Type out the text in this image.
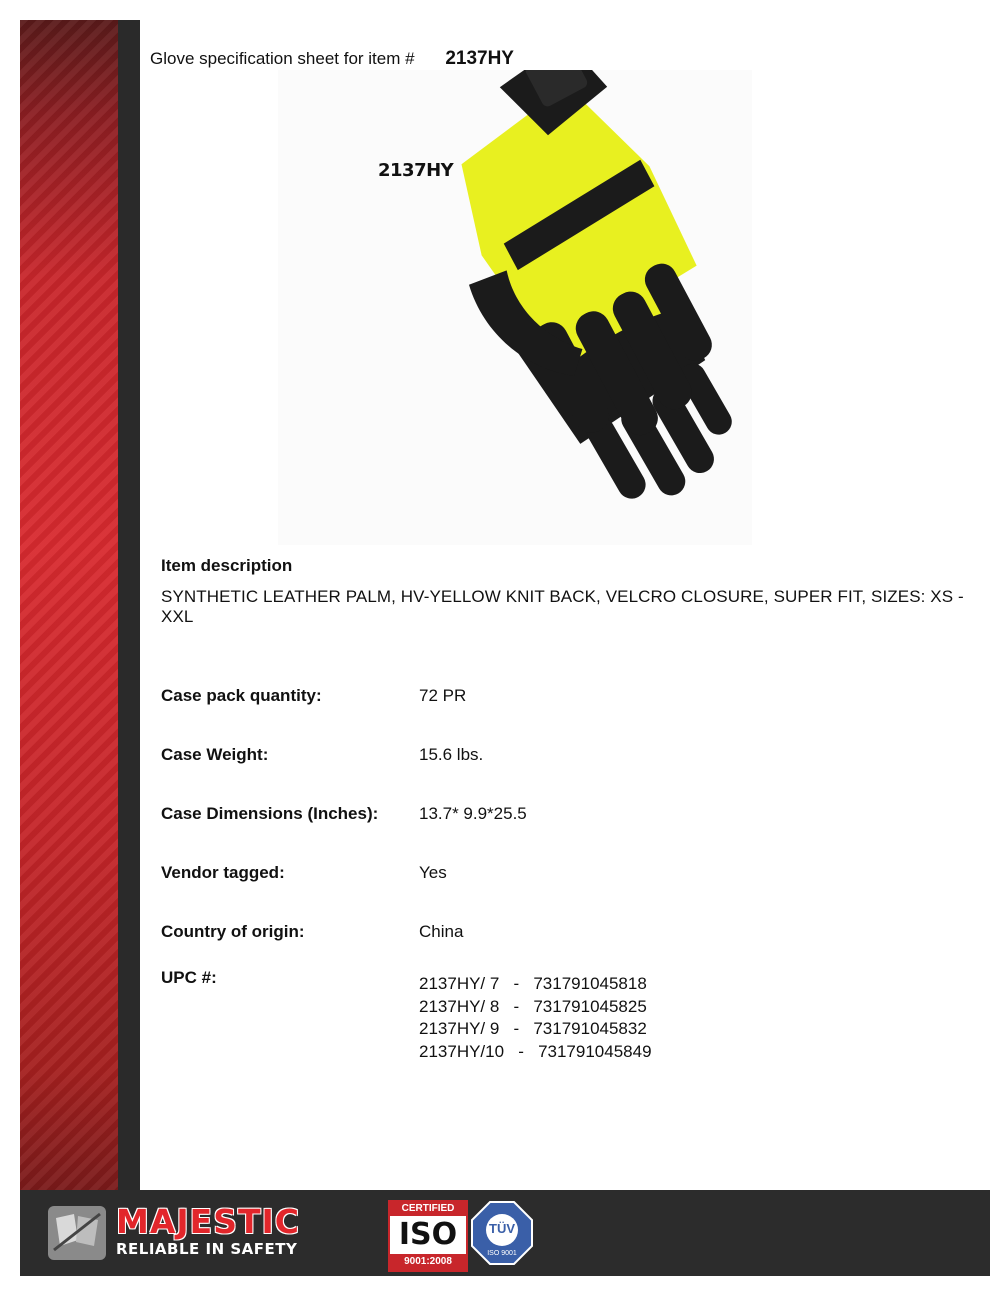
Glove specification sheet for item # 2137HY
2137HY
Item description
SYNTHETIC LEATHER PALM, HV-YELLOW KNIT BACK, VELCRO CLOSURE, SUPER FIT, SIZES: XS - XXL
Case pack quantity:	72 PR
Case Weight:	15.6 lbs.
Case Dimensions (Inches): 13.7* 9.9*25.5
Vendor tagged:	Yes
Country of origin:	China
UPC #:	2137HY/ 7   -   731791045818
2137HY/ 8   -   731791045825
2137HY/ 9   -   731791045832
2137HY/10   -   731791045849
MAJESTIC
RELIABLE IN SAFETY
CERTIFIED
ISO
9001:2008
TÜV
ISO 9001
